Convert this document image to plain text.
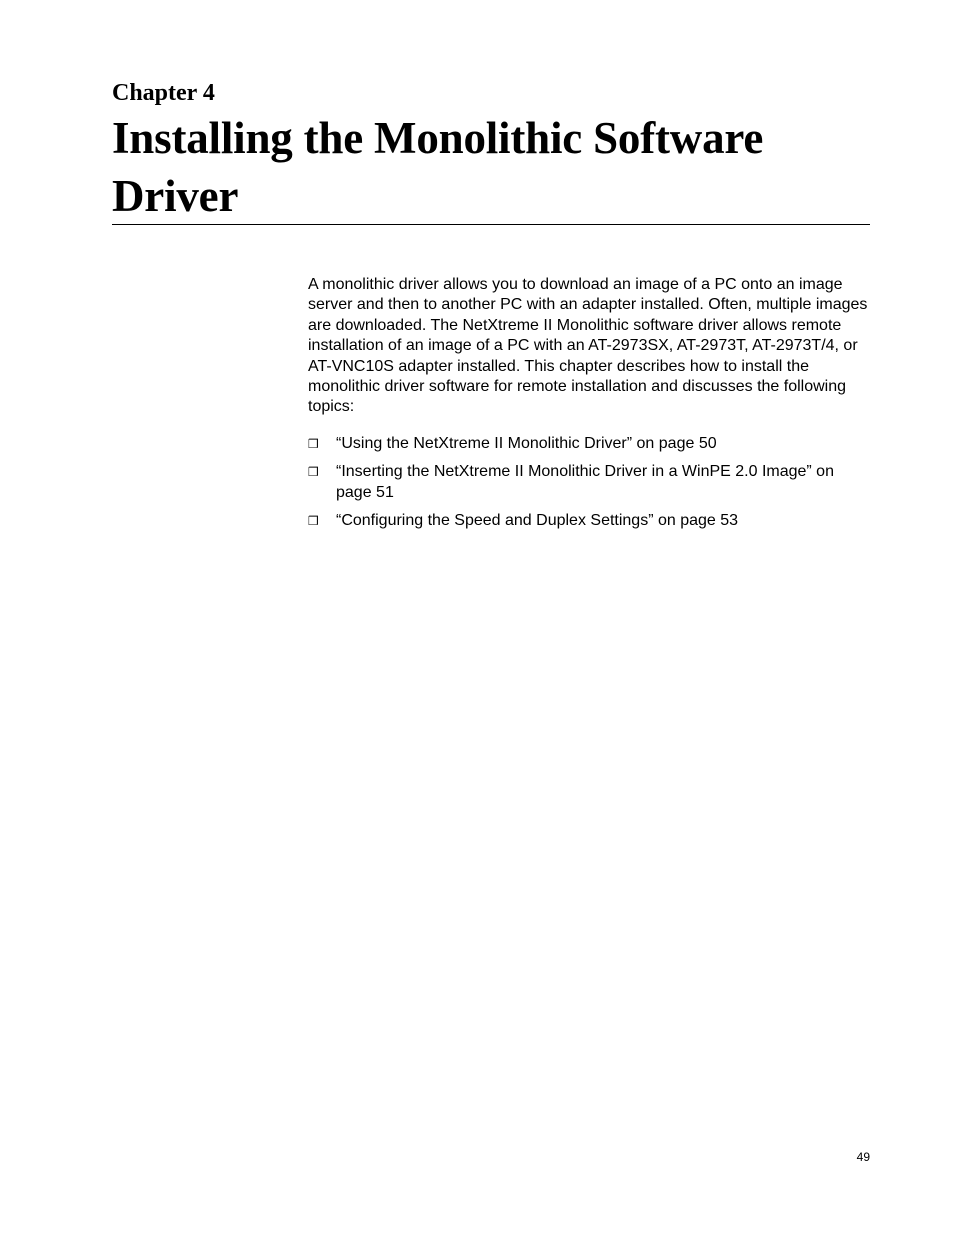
Chapter 4
Installing the Monolithic Software Driver

A monolithic driver allows you to download an image of a PC onto an image server and then to another PC with an adapter installed. Often, multiple images are downloaded. The NetXtreme II Monolithic software driver allows remote installation of an image of a PC with an AT-2973SX, AT-2973T, AT-2973T/4, or AT-VNC10S adapter installed. This chapter describes how to install the monolithic driver software for remote installation and discusses the following topics:

❒ “Using the NetXtreme II Monolithic Driver” on page 50
❒ “Inserting the NetXtreme II Monolithic Driver in a WinPE 2.0 Image” on page 51
❒ “Configuring the Speed and Duplex Settings” on page 53
49
